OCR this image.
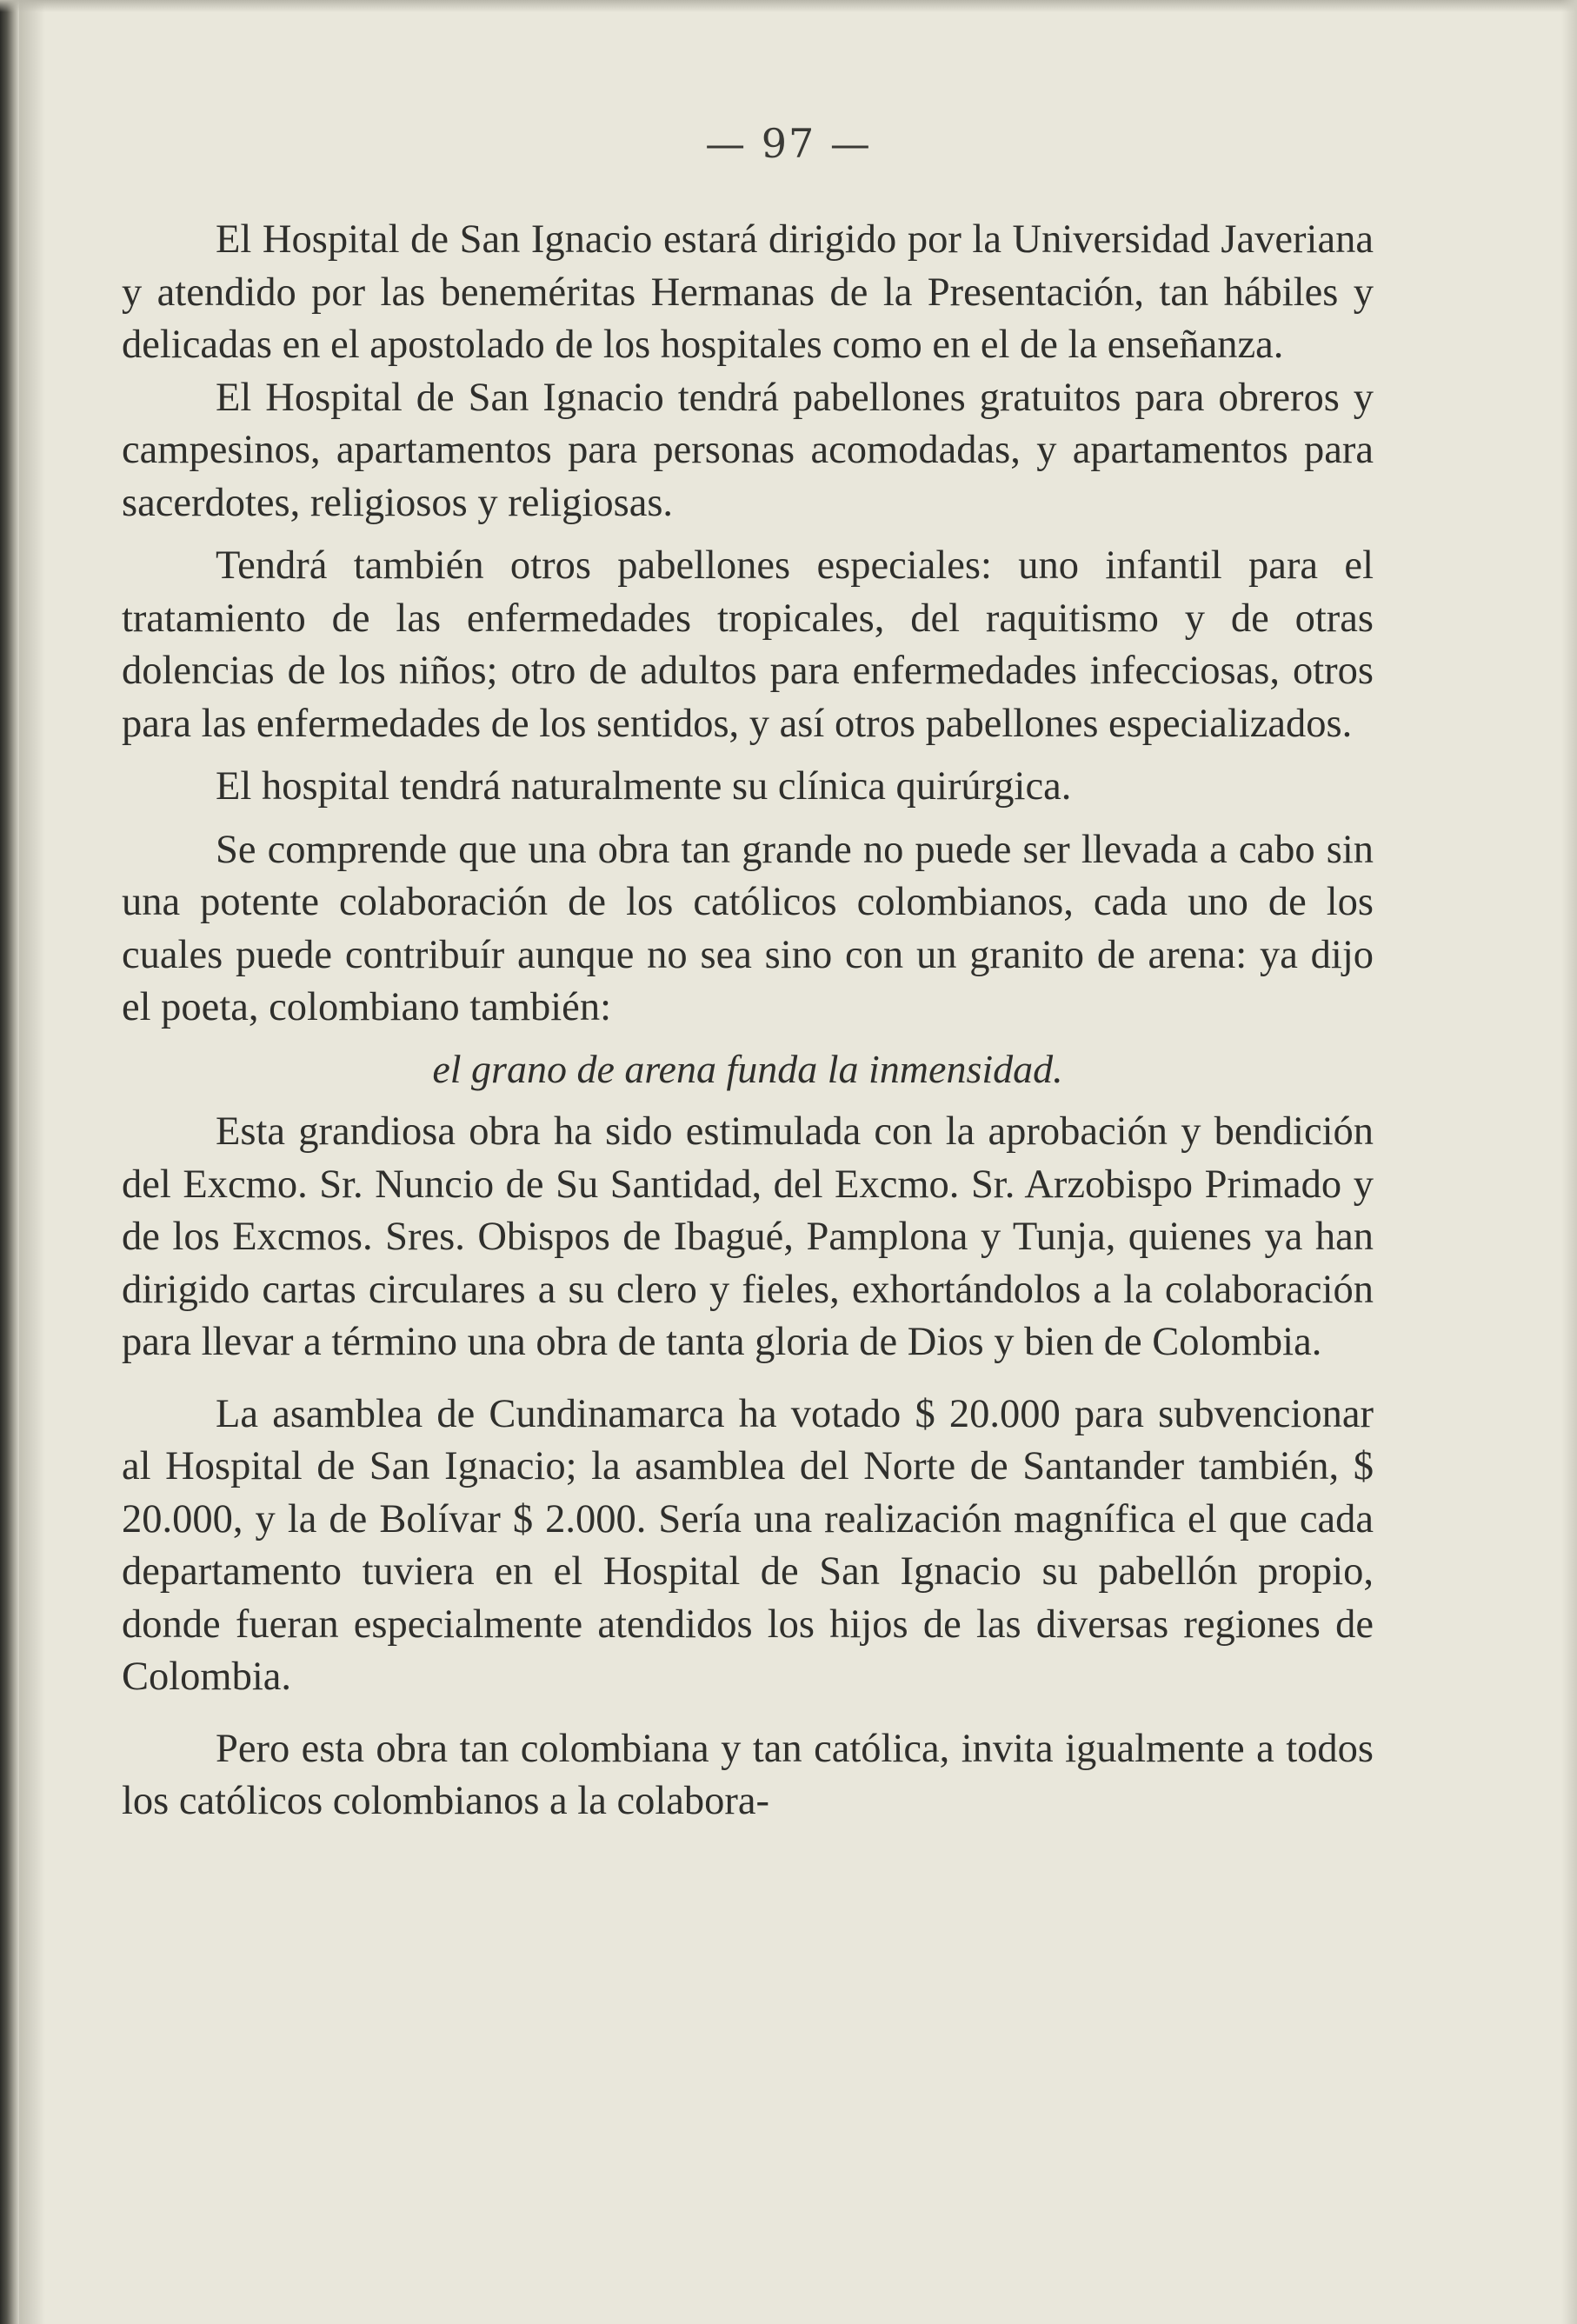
— 97 —

El Hospital de San Ignacio estará dirigido por la Universidad Javeriana y atendido por las beneméritas Hermanas de la Presentación, tan hábiles y delicadas en el apostolado de los hospitales como en el de la enseñanza.

El Hospital de San Ignacio tendrá pabellones gratuitos para obreros y campesinos, apartamentos para personas acomodadas, y apartamentos para sacerdotes, religiosos y religiosas.

Tendrá también otros pabellones especiales: uno infantil para el tratamiento de las enfermedades tropicales, del raquitismo y de otras dolencias de los niños; otro de adultos para enfermedades infecciosas, otros para las enfermedades de los sentidos, y así otros pabellones especializados.

El hospital tendrá naturalmente su clínica quirúrgica.

Se comprende que una obra tan grande no puede ser llevada a cabo sin una potente colaboración de los católicos colombianos, cada uno de los cuales puede contribuír aunque no sea sino con un granito de arena: ya dijo el poeta, colombiano también:

el grano de arena funda la inmensidad.

Esta grandiosa obra ha sido estimulada con la aprobación y bendición del Excmo. Sr. Nuncio de Su Santidad, del Excmo. Sr. Arzobispo Primado y de los Excmos. Sres. Obispos de Ibagué, Pamplona y Tunja, quienes ya han dirigido cartas circulares a su clero y fieles, exhortándolos a la colaboración para llevar a término una obra de tanta gloria de Dios y bien de Colombia.

La asamblea de Cundinamarca ha votado $ 20.000 para subvencionar al Hospital de San Ignacio; la asamblea del Norte de Santander también, $ 20.000, y la de Bolívar $ 2.000. Sería una realización magnífica el que cada departamento tuviera en el Hospital de San Ignacio su pabellón propio, donde fueran especialmente atendidos los hijos de las diversas regiones de Colombia.

Pero esta obra tan colombiana y tan católica, invita igualmente a todos los católicos colombianos a la colabora-
